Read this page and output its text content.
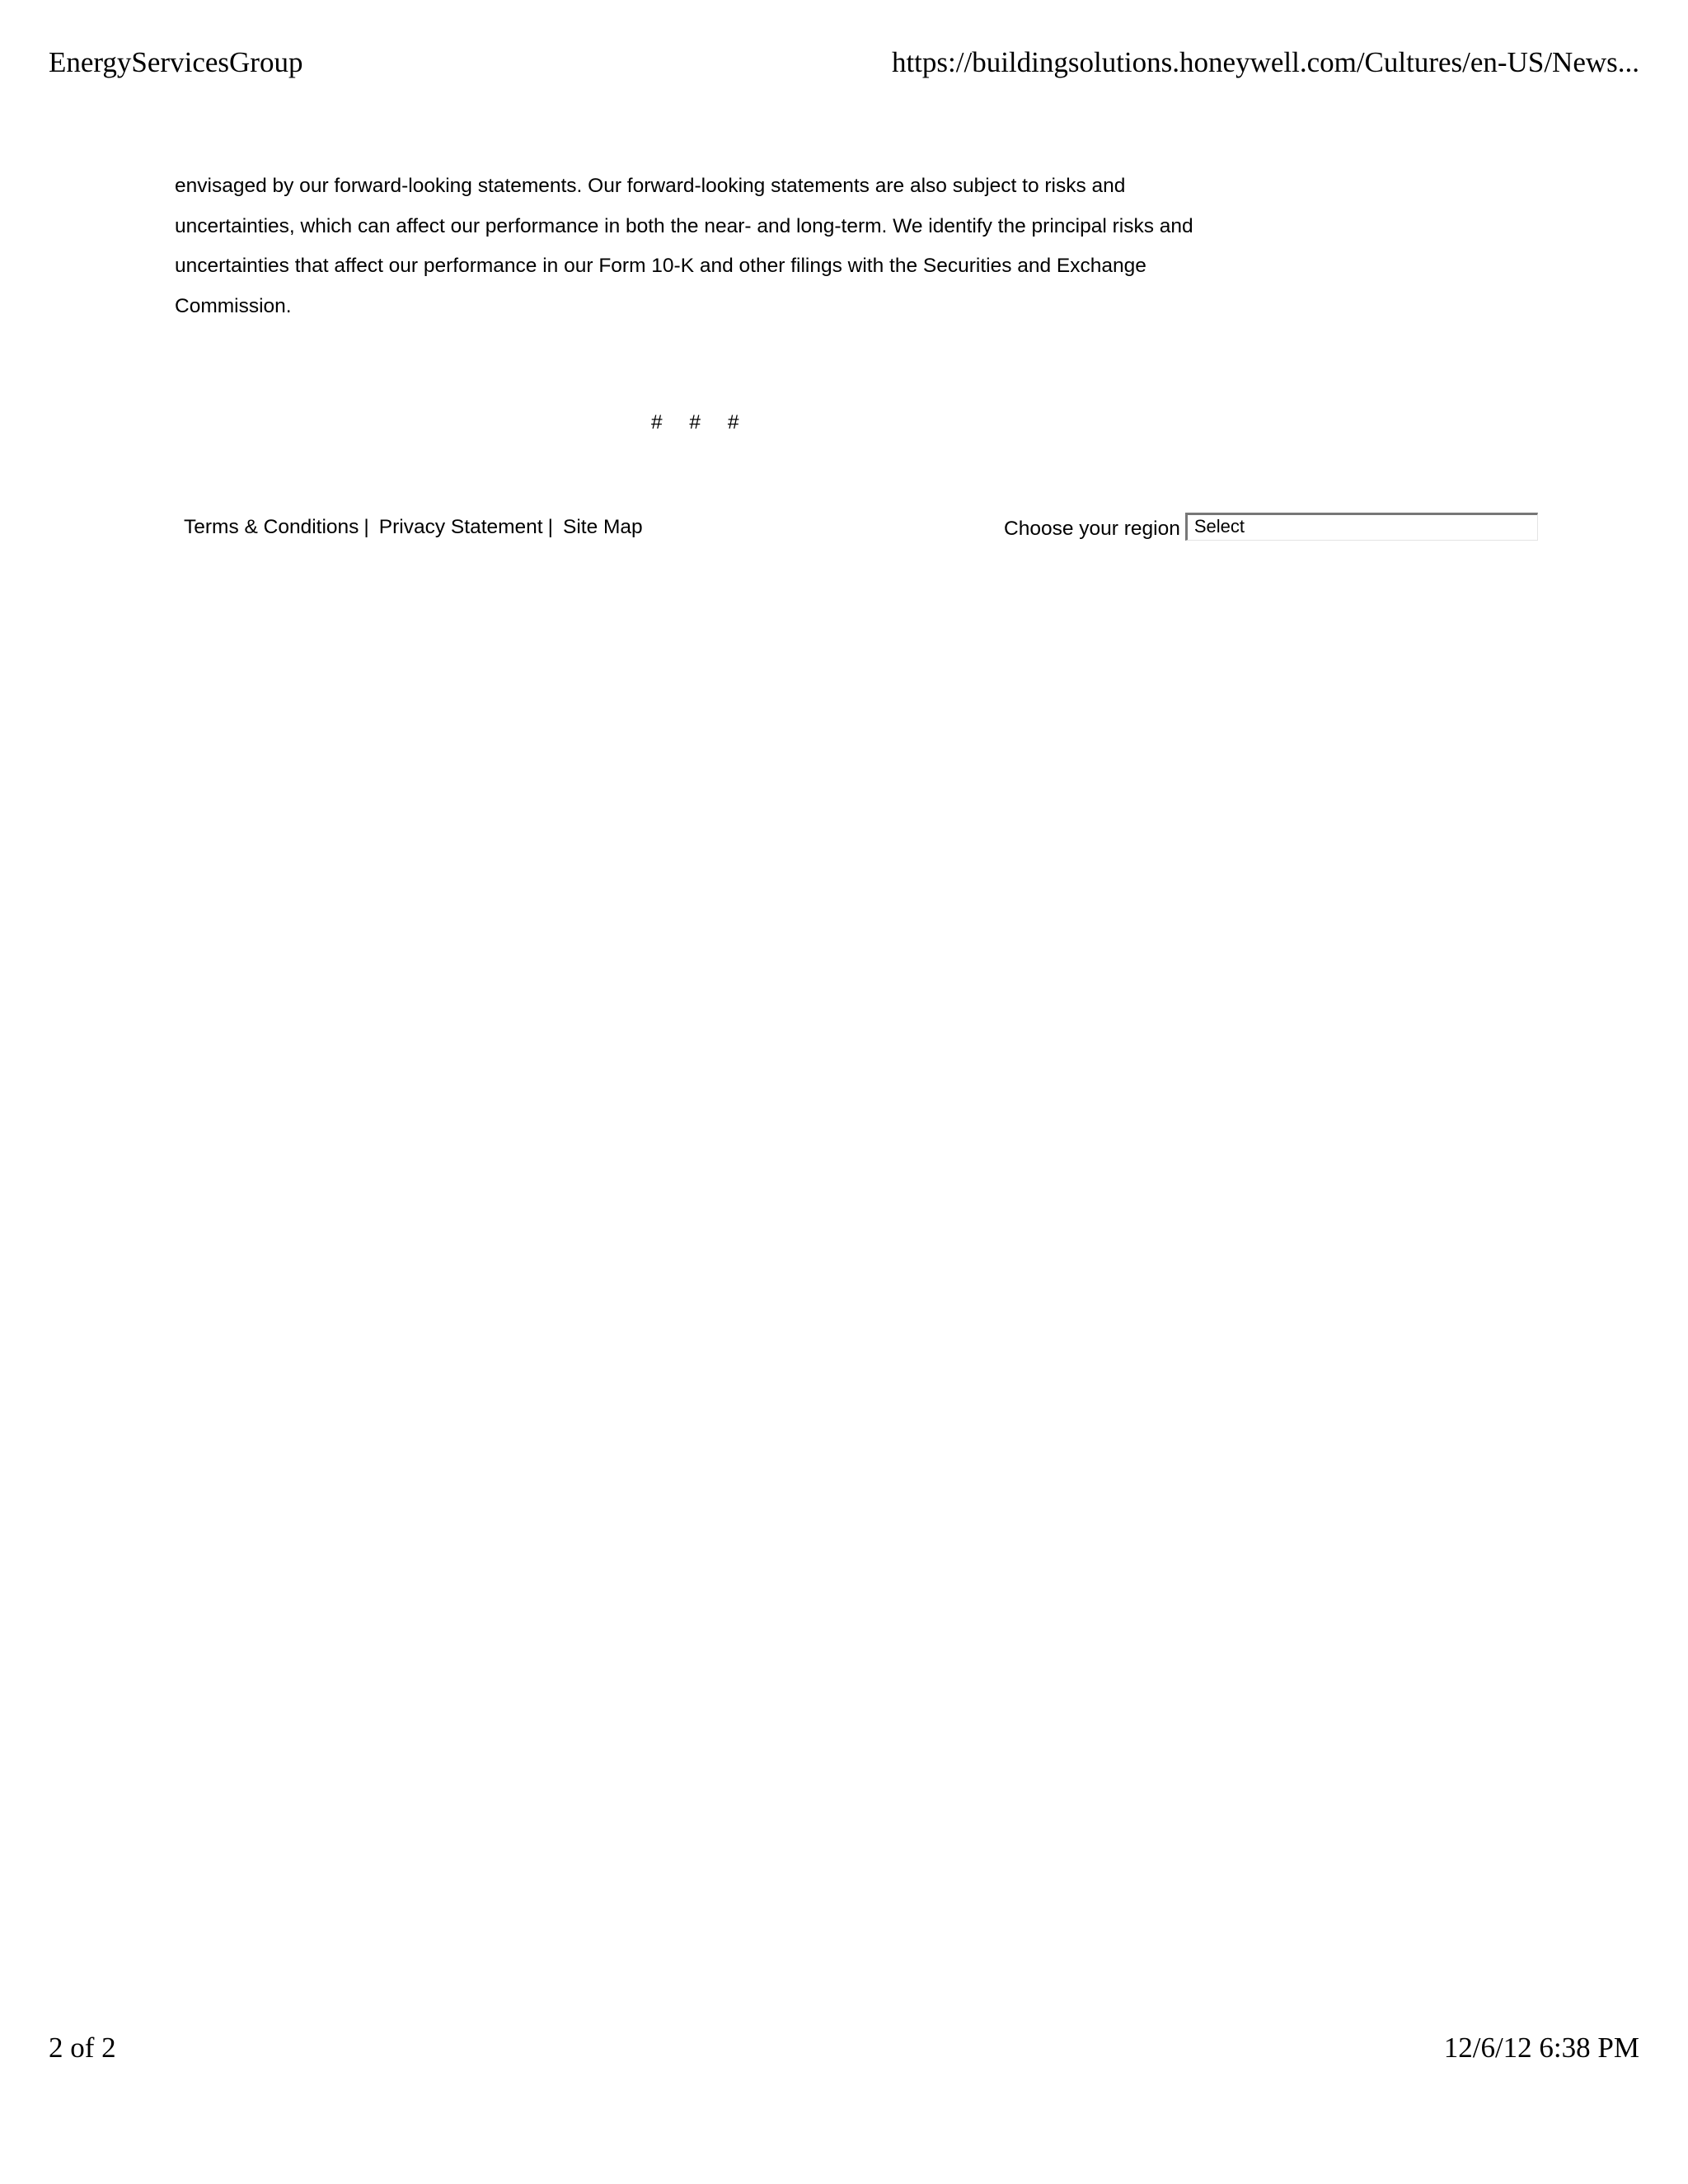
EnergyServicesGroup	https://buildingsolutions.honeywell.com/Cultures/en-US/News...

envisaged by our forward-looking statements. Our forward-looking statements are also subject to risks and
uncertainties, which can affect our performance in both the near- and long-term. We identify the principal risks and
uncertainties that affect our performance in our Form 10-K and other filings with the Securities and Exchange
Commission.

# # #
Terms & Conditions | Privacy Statement | Site Map	Choose your region Select
2 of 2	12/6/12 6:38 PM
